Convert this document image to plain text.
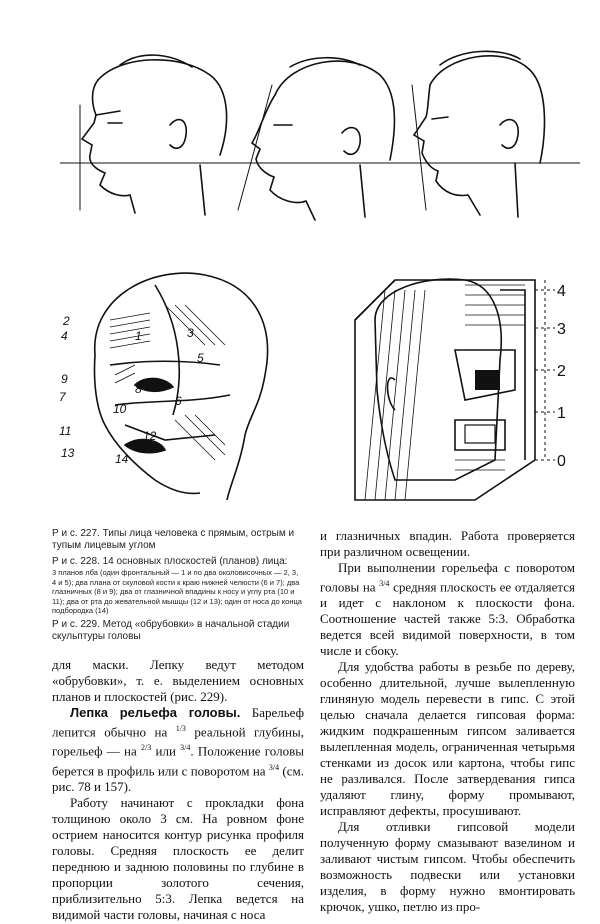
2
4	1	3
5
9
7
8
6
10
11	12
13	14
4
3
2
1
0
Р и с. 227. Типы лица человека с прямым, острым и тупым лицевым углом
Р и с. 228. 14 основных плоскостей (планов) лица:
3 планов лба (один фронтальный — 1 и по два околовисочных — 2, 3, 4 и 5); два плана от скуловой кости к краю нижней челюсти (6 и 7); два глазничных (8 и 9); два от глазничной впадины к носу и углу рта (10 и 11); два от рта до жевательной мышцы (12 и 13); один от носа до конца подбородка (14)
Р и с. 229. Метод «обрубовки» в начальной стадии скульптуры головы

для маски. Лепку ведут методом «обрубовки», т. е. выделением основных планов и плоскостей (рис. 229).

Лепка рельефа головы. Барельеф лепится обычно на $^{1/3}$ реальной глубины, горельеф — на $^{2/3}$ или $^{3/4}$. Положение головы берется в профиль или с поворотом на $^{3/4}$ (см. рис. 78 и 157).

Работу начинают с прокладки фона толщиною около 3 см. На ровном фоне острием наносится контур рисунка профиля головы. Средняя плоскость ее делит переднюю и заднюю половины по глубине в пропорции золотого сечения, приблизительно 5:3. Лепка ведется на видимой части головы, начиная с носа

и глазничных впадин. Работа проверяется при различном освещении.

При выполнении горельефа с поворотом головы на $^{3/4}$ средняя плоскость ее отдаляется и идет с наклоном к плоскости фона. Соотношение частей также 5:3. Обработка ведется всей видимой поверхности, в том числе и сбоку.

Для удобства работы в резьбе по дереву, особенно длительной, лучше вылепленную глиняную модель перевести в гипс. С этой целью сначала делается гипсовая форма: жидким подкрашенным гипсом заливается вылепленная модель, ограниченная четырьмя стенками из досок или картона, чтобы гипс не разливался. После затвердевания гипса удаляют глину, форму промывают, исправляют дефекты, просушивают.

Для отливки гипсовой модели полученную форму смазывают вазелином и заливают чистым гипсом. Чтобы обеспечить возможность подвески или установки изделия, в форму нужно вмонтировать крючок, ушко, петлю из про-
